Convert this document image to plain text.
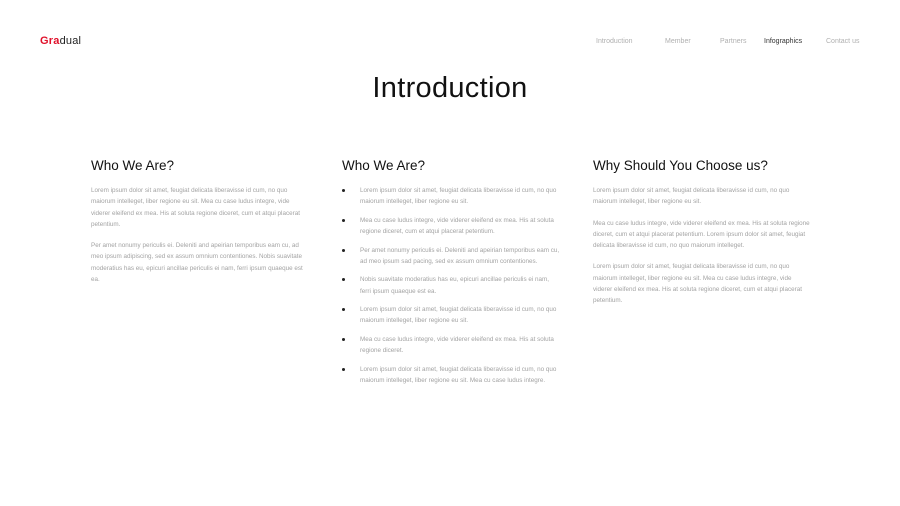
Gradual	Introduction	Member	Partners	Infographics	Contact us
Introduction
Who We Are?

Lorem ipsum dolor sit amet, feugiat delicata liberavisse id cum, no quo maiorum intelleget, liber regione eu sit. Mea cu case ludus integre, vide viderer eleifend ex mea. His at soluta regione diceret, cum et atqui placerat petentium.

Per amet nonumy periculis ei. Deleniti and apeirian temporibus eam cu, ad meo ipsum adipiscing, sed ex assum omnium contentiones. Nobis suavitate moderatius has eu, epicuri ancillae periculis ei nam, ferri ipsum quaeque est ea.

Who We Are?
Lorem ipsum dolor sit amet, feugiat delicata liberavisse id cum, no quo maiorum intelleget, liber regione eu sit.
Mea cu case ludus integre, vide viderer eleifend ex mea. His at soluta regione diceret, cum et atqui placerat petentium.
Per amet nonumy periculis ei. Deleniti and apeirian temporibus eam cu, ad meo ipsum sad pacing, sed ex assum omnium contentiones.
Nobis suavitate moderatius has eu, epicuri ancillae periculis ei nam, ferri ipsum quaeque est ea.
Lorem ipsum dolor sit amet, feugiat delicata liberavisse id cum, no quo maiorum intelleget, liber regione eu sit.
Mea cu case ludus integre, vide viderer eleifend ex mea. His at soluta regione diceret.
Lorem ipsum dolor sit amet, feugiat delicata liberavisse id cum, no quo maiorum intelleget, liber regione eu sit. Mea cu case ludus integre.
Why Should You Choose us?

Lorem ipsum dolor sit amet, feugiat delicata liberavisse id cum, no quo maiorum intelleget, liber regione eu sit.

Mea cu case ludus integre, vide viderer eleifend ex mea. His at soluta regione diceret, cum et atqui placerat petentium. Lorem ipsum dolor sit amet, feugiat delicata liberavisse id cum, no quo maiorum intelleget.

Lorem ipsum dolor sit amet, feugiat delicata liberavisse id cum, no quo maiorum intelleget, liber regione eu sit. Mea cu case ludus integre, vide viderer eleifend ex mea. His at soluta regione diceret, cum et atqui placerat petentium.
